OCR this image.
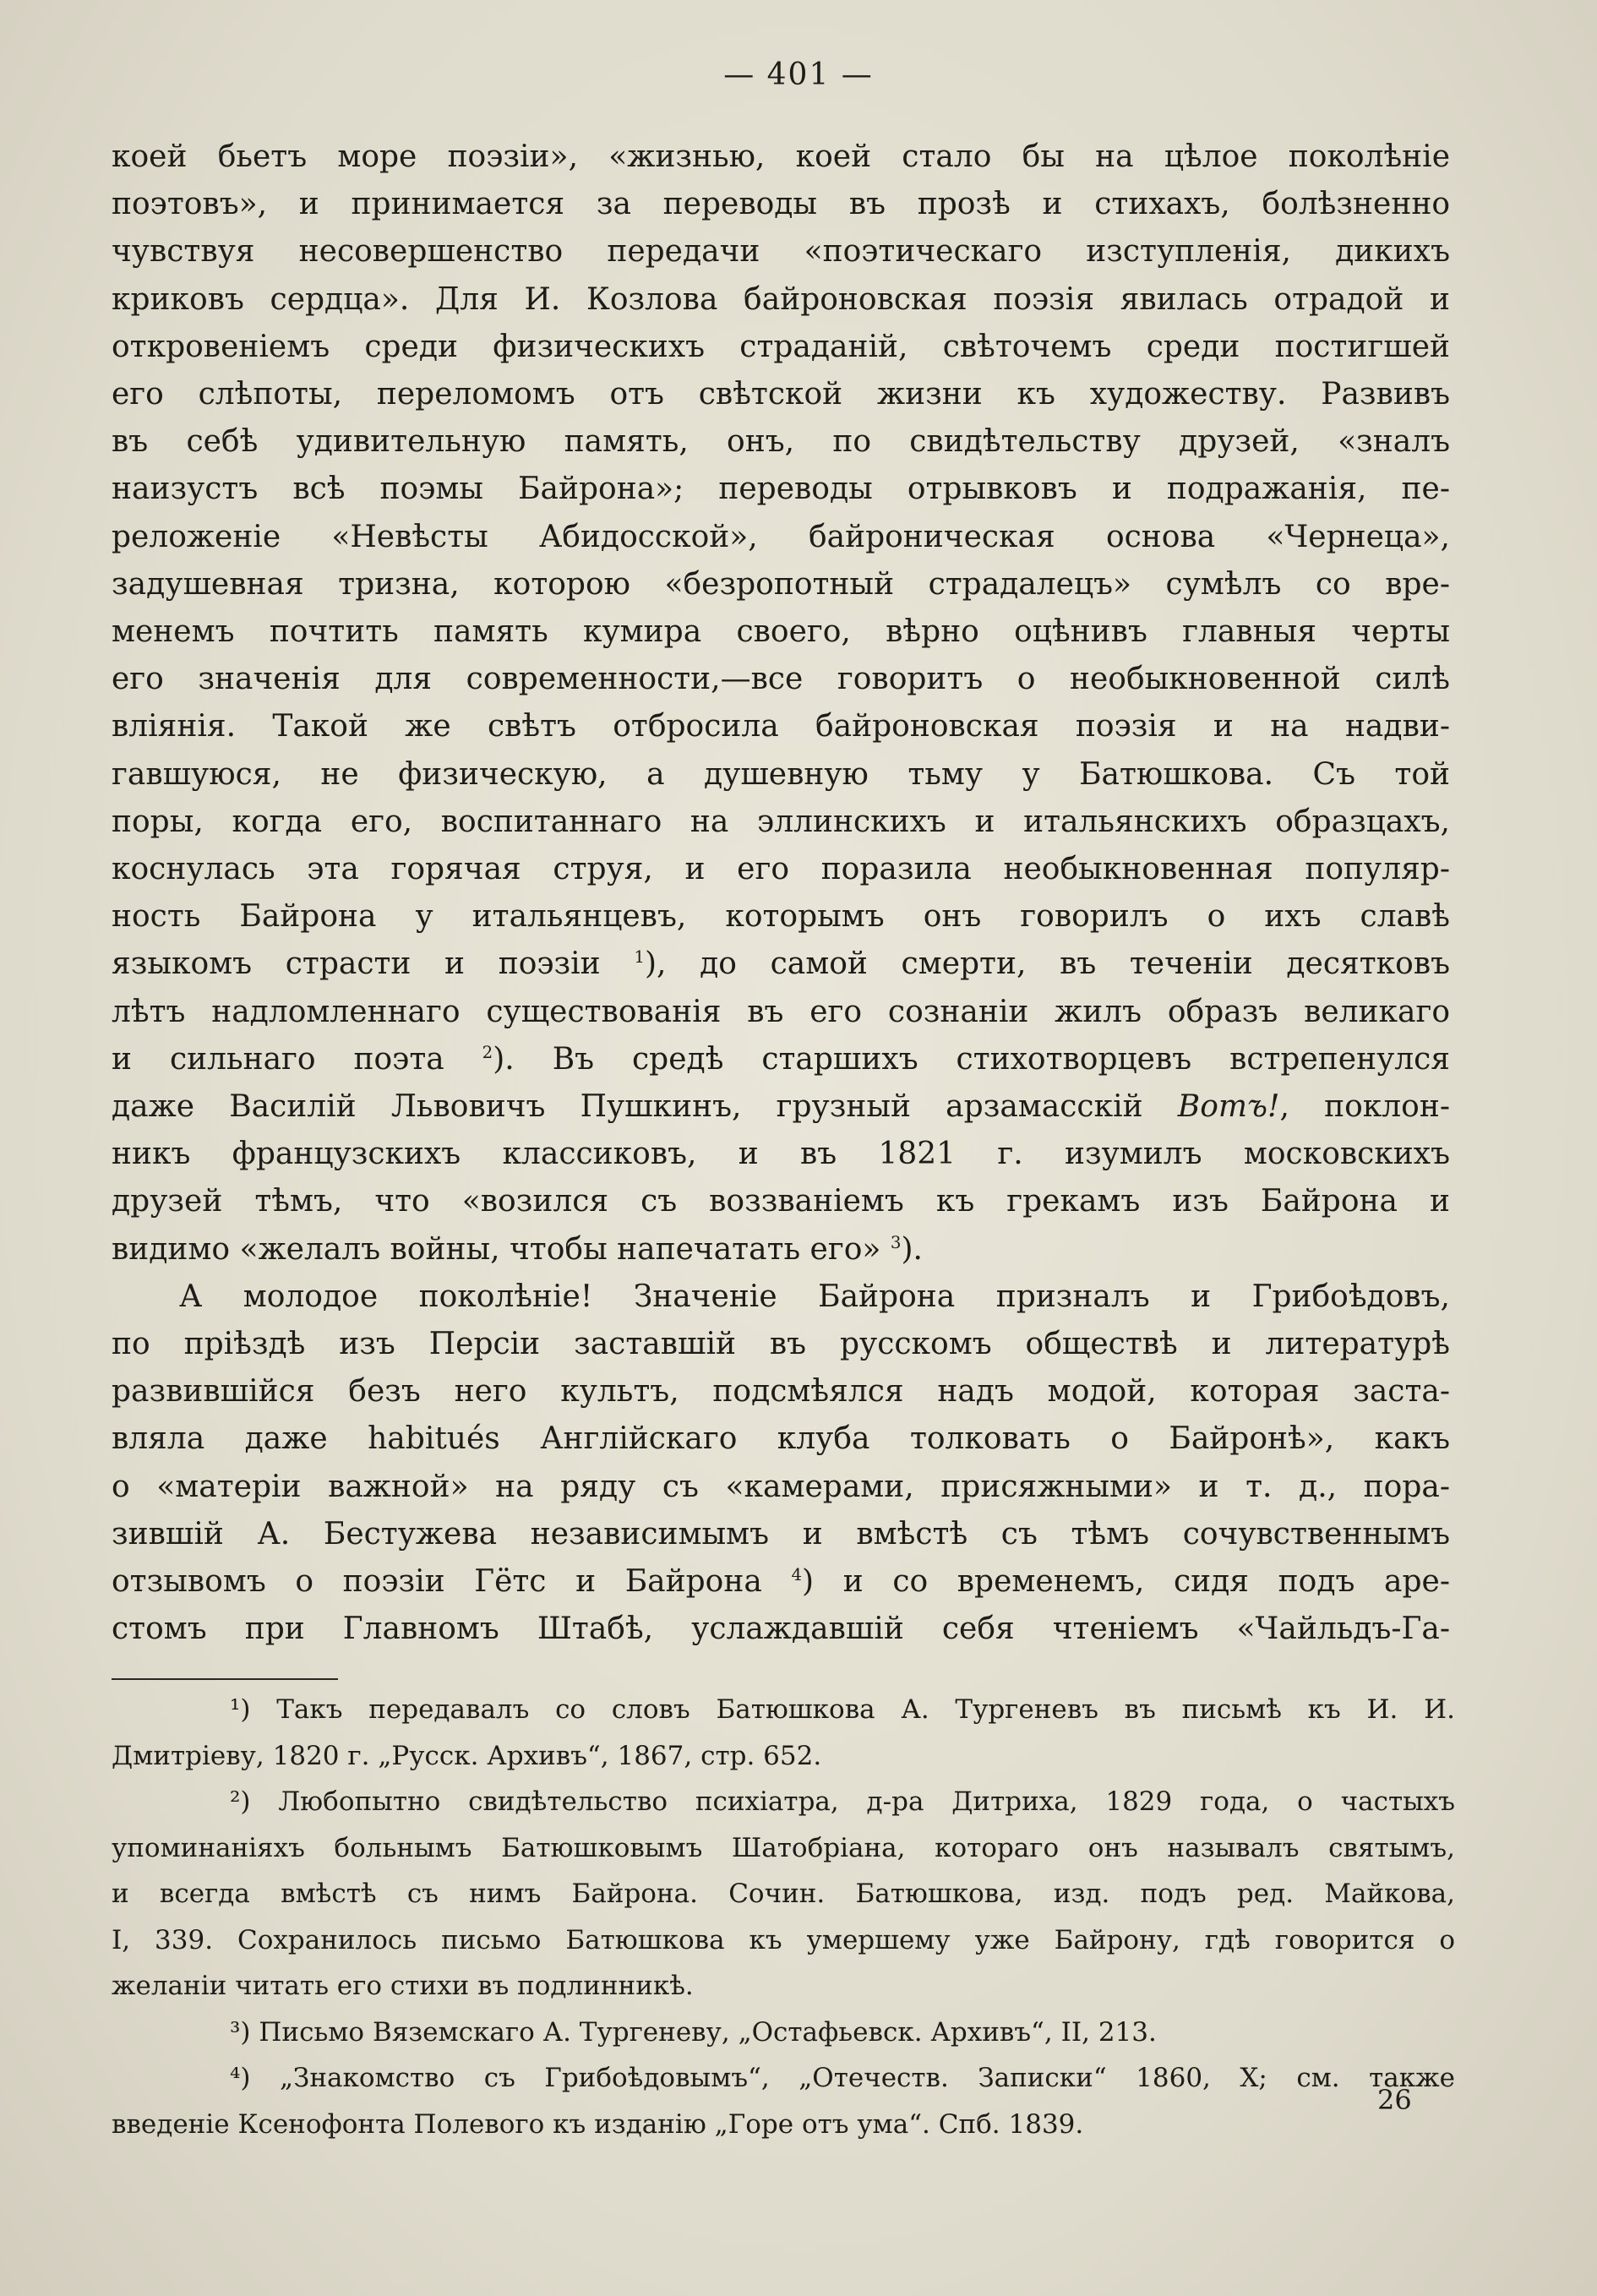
— 401 —
коей бьетъ море поэзіи», «жизнью, коей стало бы на цѣлое поколѣніе
поэтовъ», и принимается за переводы въ прозѣ и стихахъ, болѣзненно
чувствуя несовершенство передачи «поэтическаго изступленія, дикихъ
криковъ сердца». Для И. Козлова байроновская поэзія явилась отрадой и
откровеніемъ среди физическихъ страданій, свѣточемъ среди постигшей
его слѣпоты, переломомъ отъ свѣтской жизни къ художеству. Развивъ
въ себѣ удивительную память, онъ, по свидѣтельству друзей, «зналъ
наизустъ всѣ поэмы Байрона»; переводы отрывковъ и подражанія, пе-
реложеніе «Невѣсты Абидосской», байроническая основа «Чернеца»,
задушевная тризна, которою «безропотный страдалецъ» сумѣлъ со вре-
менемъ почтить память кумира своего, вѣрно оцѣнивъ главныя черты
его значенія для современности,—все говоритъ о необыкновенной силѣ
вліянія. Такой же свѣтъ отбросила байроновская поэзія и на надви-
гавшуюся, не физическую, а душевную тьму у Батюшкова. Съ той
поры, когда его, воспитаннаго на эллинскихъ и итальянскихъ образцахъ,
коснулась эта горячая струя, и его поразила необыкновенная популяр-
ность Байрона у итальянцевъ, которымъ онъ говорилъ о ихъ славѣ
языкомъ страсти и поэзіи $^1$), до самой смерти, въ теченіи десятковъ
лѣтъ надломленнаго существованія въ его сознаніи жилъ образъ великаго
и сильнаго поэта $^2$). Въ средѣ старшихъ стихотворцевъ встрепенулся
даже Василій Львовичъ Пушкинъ, грузный арзамасскій Вотъ!, поклон-
никъ французскихъ классиковъ, и въ 1821 г. изумилъ московскихъ
друзей тѣмъ, что «возился съ воззваніемъ къ грекамъ изъ Байрона и
видимо «желалъ войны, чтобы напечатать его» $^3$).
А молодое поколѣніе! Значеніе Байрона призналъ и Грибоѣдовъ,
по пріѣздѣ изъ Персіи заставшій въ русскомъ обществѣ и литературѣ
развившійся безъ него культъ, подсмѣялся надъ модой, которая заста-
вляла даже habitués Англійскаго клуба толковать о Байронѣ», какъ
о «матеріи важной» на ряду съ «камерами, присяжными» и т. д., пора-
зившій А. Бестужева независимымъ и вмѣстѣ съ тѣмъ сочувственнымъ
отзывомъ о поэзіи Гётс и Байрона $^4$) и со временемъ, сидя подъ аре-
стомъ при Главномъ Штабѣ, услаждавшій себя чтеніемъ «Чайльдъ-Га-
¹) Такъ передавалъ со словъ Батюшкова А. Тургеневъ въ письмѣ къ И. И.
Дмитріеву, 1820 г. „Русск. Архивъ“, 1867, стр. 652.
²) Любопытно свидѣтельство психіатра, д-ра Дитриха, 1829 года, о частыхъ
упоминаніяхъ больнымъ Батюшковымъ Шатобріана, котораго онъ называлъ святымъ,
и всегда вмѣстѣ съ нимъ Байрона. Сочин. Батюшкова, изд. подъ ред. Майкова,
I, 339. Сохранилось письмо Батюшкова къ умершему уже Байрону, гдѣ говорится о
желаніи читать его стихи въ подлинникѣ.
³) Письмо Вяземскаго А. Тургеневу, „Остафьевск. Архивъ“, II, 213.
⁴) „Знакомство съ Грибоѣдовымъ“, „Отечеств. Записки“ 1860, X; см. также
введеніе Ксенофонта Полевого къ изданію „Горе отъ ума“. Спб. 1839.
26
